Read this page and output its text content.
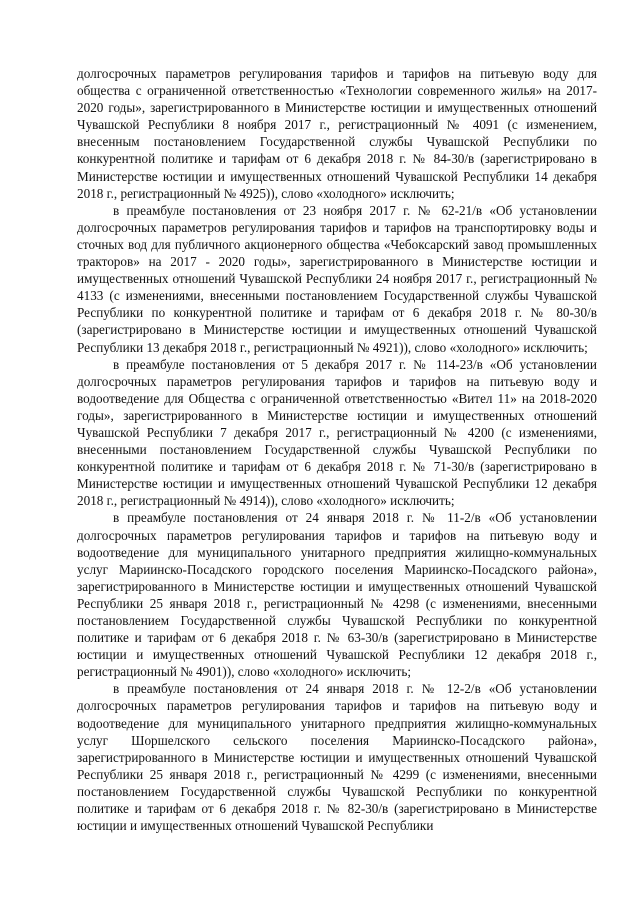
долгосрочных параметров регулирования тарифов и тарифов на питьевую воду для общества с ограниченной ответственностью «Технологии современного жилья» на 2017-2020 годы», зарегистрированного в Министерстве юстиции и имущественных отношений Чувашской Республики 8 ноября 2017 г., регистрационный № 4091 (с изменением, внесенным постановлением Государственной службы Чувашской Республики по конкурентной политике и тарифам от 6 декабря 2018 г. № 84-30/в (зарегистрировано в Министерстве юстиции и имущественных отношений Чувашской Республики 14 декабря 2018 г., регистрационный № 4925)), слово «холодного» исключить;

в преамбуле постановления от 23 ноября 2017 г. № 62-21/в «Об установлении долгосрочных параметров регулирования тарифов и тарифов на транспортировку воды и сточных вод для публичного акционерного общества «Чебоксарский завод промышленных тракторов» на 2017 - 2020 годы», зарегистрированного в Министерстве юстиции и имущественных отношений Чувашской Республики 24 ноября 2017 г., регистрационный № 4133 (с изменениями, внесенными постановлением Государственной службы Чувашской Республики по конкурентной политике и тарифам от 6 декабря 2018 г. № 80-30/в (зарегистрировано в Министерстве юстиции и имущественных отношений Чувашской Республики 13 декабря 2018 г., регистрационный № 4921)), слово «холодного» исключить;

в преамбуле постановления от 5 декабря 2017 г. № 114-23/в «Об установлении долгосрочных параметров регулирования тарифов и тарифов на питьевую воду и водоотведение для Общества с ограниченной ответственностью «Вител 11» на 2018-2020 годы», зарегистрированного в Министерстве юстиции и имущественных отношений Чувашской Республики 7 декабря 2017 г., регистрационный № 4200 (с изменениями, внесенными постановлением Государственной службы Чувашской Республики по конкурентной политике и тарифам от 6 декабря 2018 г. № 71-30/в (зарегистрировано в Министерстве юстиции и имущественных отношений Чувашской Республики 12 декабря 2018 г., регистрационный № 4914)), слово «холодного» исключить;

в преамбуле постановления от 24 января 2018 г. № 11-2/в «Об установлении долгосрочных параметров регулирования тарифов и тарифов на питьевую воду и водоотведение для муниципального унитарного предприятия жилищно-коммунальных услуг Мариинско-Посадского городского поселения Мариинско-Посадского района», зарегистрированного в Министерстве юстиции и имущественных отношений Чувашской Республики 25 января 2018 г., регистрационный № 4298 (с изменениями, внесенными постановлением Государственной службы Чувашской Республики по конкурентной политике и тарифам от 6 декабря 2018 г. № 63-30/в (зарегистрировано в Министерстве юстиции и имущественных отношений Чувашской Республики 12 декабря 2018 г., регистрационный № 4901)), слово «холодного» исключить;

в преамбуле постановления от 24 января 2018 г. № 12-2/в «Об установлении долгосрочных параметров регулирования тарифов и тарифов на питьевую воду и водоотведение для муниципального унитарного предприятия жилищно-коммунальных услуг Шоршелского сельского поселения Мариинско-Посадского района», зарегистрированного в Министерстве юстиции и имущественных отношений Чувашской Республики 25 января 2018 г., регистрационный № 4299 (с изменениями, внесенными постановлением Государственной службы Чувашской Республики по конкурентной политике и тарифам от 6 декабря 2018 г. № 82-30/в (зарегистрировано в Министерстве юстиции и имущественных отношений Чувашской Республики
